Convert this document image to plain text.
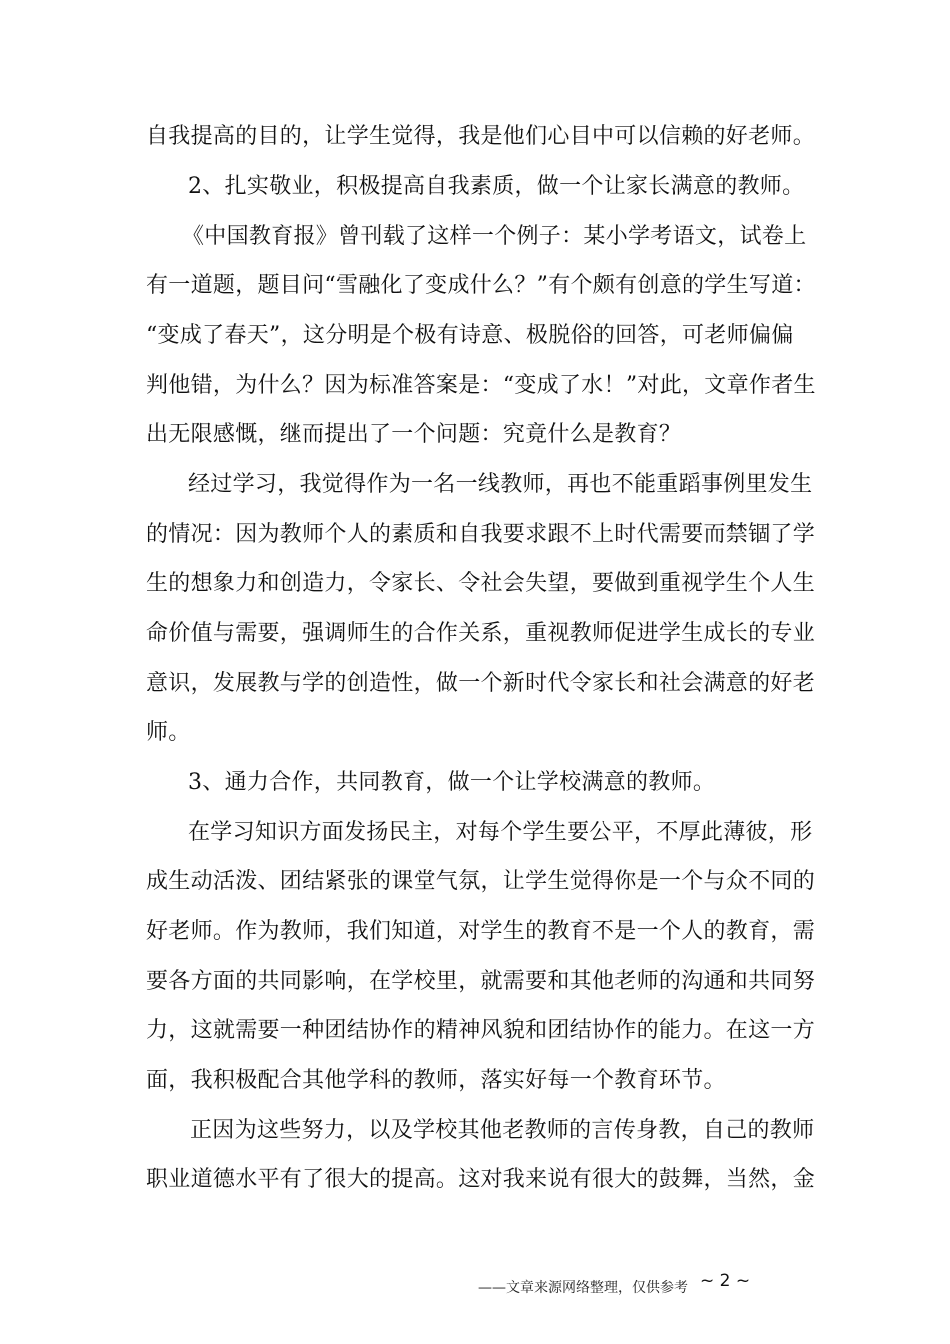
自我提高的目的，让学生觉得，我是他们心目中可以信赖的好老师。
2、扎实敬业，积极提高自我素质，做一个让家长满意的教师。
《中国教育报》曾刊载了这样一个例子：某小学考语文，试卷上
有一道题，题目问“雪融化了变成什么？”有个颇有创意的学生写道：
“变成了春天”，这分明是个极有诗意、极脱俗的回答，可老师偏偏
判他错，为什么？因为标准答案是：“变成了水！”对此，文章作者生
出无限感慨，继而提出了一个问题：究竟什么是教育？
经过学习，我觉得作为一名一线教师，再也不能重蹈事例里发生
的情况：因为教师个人的素质和自我要求跟不上时代需要而禁锢了学
生的想象力和创造力，令家长、令社会失望，要做到重视学生个人生
命价值与需要，强调师生的合作关系，重视教师促进学生成长的专业
意识，发展教与学的创造性，做一个新时代令家长和社会满意的好老
师。
3、通力合作，共同教育，做一个让学校满意的教师。
在学习知识方面发扬民主，对每个学生要公平，不厚此薄彼，形
成生动活泼、团结紧张的课堂气氛，让学生觉得你是一个与众不同的
好老师。作为教师，我们知道，对学生的教育不是一个人的教育，需
要各方面的共同影响，在学校里，就需要和其他老师的沟通和共同努
力，这就需要一种团结协作的精神风貌和团结协作的能力。在这一方
面，我积极配合其他学科的教师，落实好每一个教育环节。
正因为这些努力，以及学校其他老教师的言传身教，自己的教师
职业道德水平有了很大的提高。这对我来说有很大的鼓舞，当然，金
——文章来源网络整理，仅供参考 ~ 2 ~
